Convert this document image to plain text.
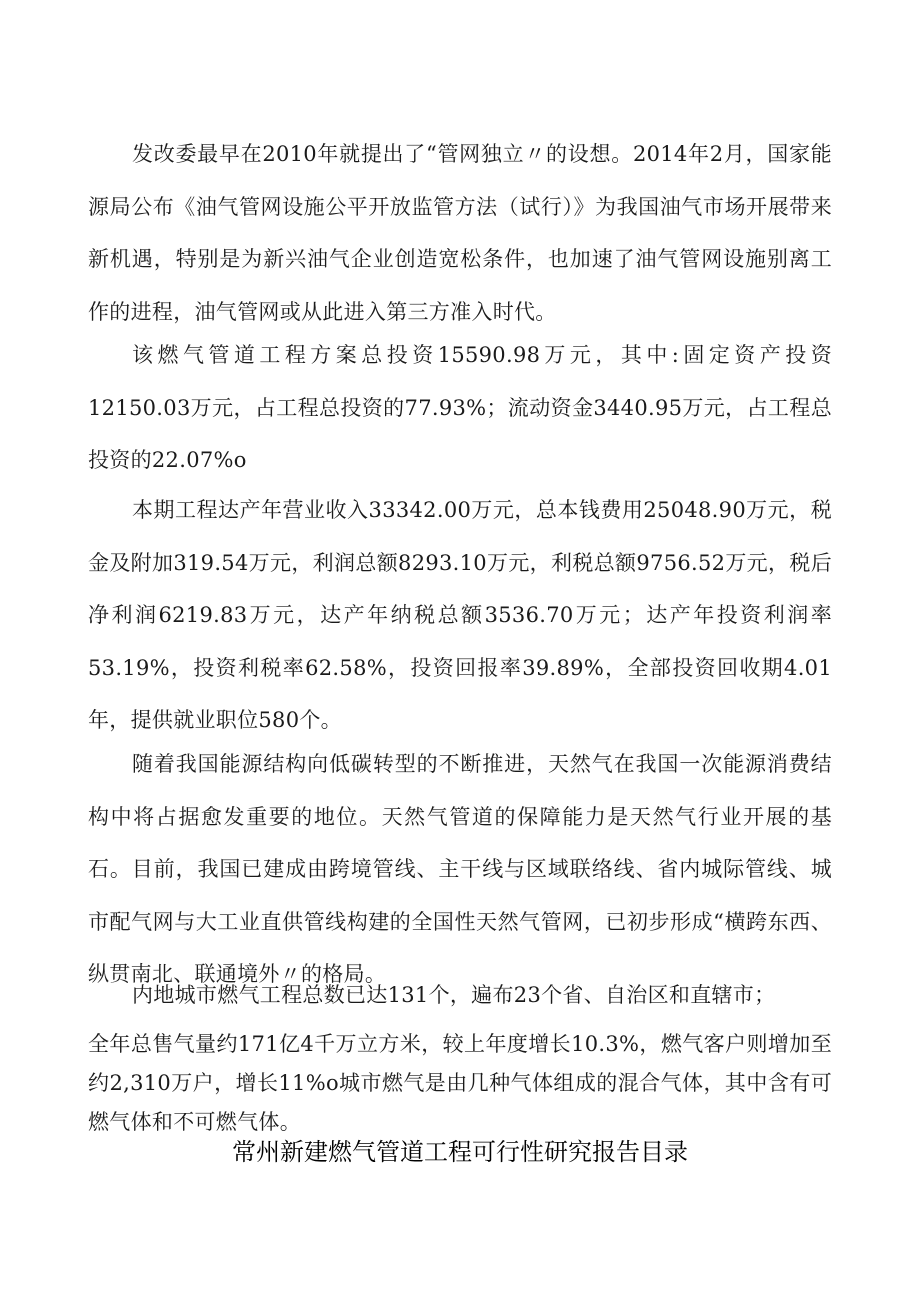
发改委最早在2010年就提出了“管网独立〃的设想。2014年2月，国家能源局公布《油气管网设施公平开放监管方法（试行）》为我国油气市场开展带来新机遇，特别是为新兴油气企业创造宽松条件，也加速了油气管网设施别离工作的进程，油气管网或从此进入第三方准入时代。

该燃气管道工程方案总投资15590.98万元，其中:固定资产投资12150.03万元，占工程总投资的77.93%；流动资金3440.95万元，占工程总投资的22.07%o

本期工程达产年营业收入33342.00万元，总本钱费用25048.90万元，税金及附加319.54万元，利润总额8293.10万元，利税总额9756.52万元，税后净利润6219.83万元，达产年纳税总额3536.70万元；达产年投资利润率53.19%，投资利税率62.58%，投资回报率39.89%，全部投资回收期4.01年，提供就业职位580个。

随着我国能源结构向低碳转型的不断推进，天然气在我国一次能源消费结构中将占据愈发重要的地位。天然气管道的保障能力是天然气行业开展的基石。目前，我国已建成由跨境管线、主干线与区域联络线、省内城际管线、城市配气网与大工业直供管线构建的全国性天然气管网，已初步形成“横跨东西、纵贯南北、联通境外〃的格局。

内地城市燃气工程总数已达131个，遍布23个省、自治区和直辖市；

全年总售气量约171亿4千万立方米，较上年度增长10.3%，燃气客户则增加至约2,310万户，增长11%o城市燃气是由几种气体组成的混合气体，其中含有可燃气体和不可燃气体。

常州新建燃气管道工程可行性研究报告目录
